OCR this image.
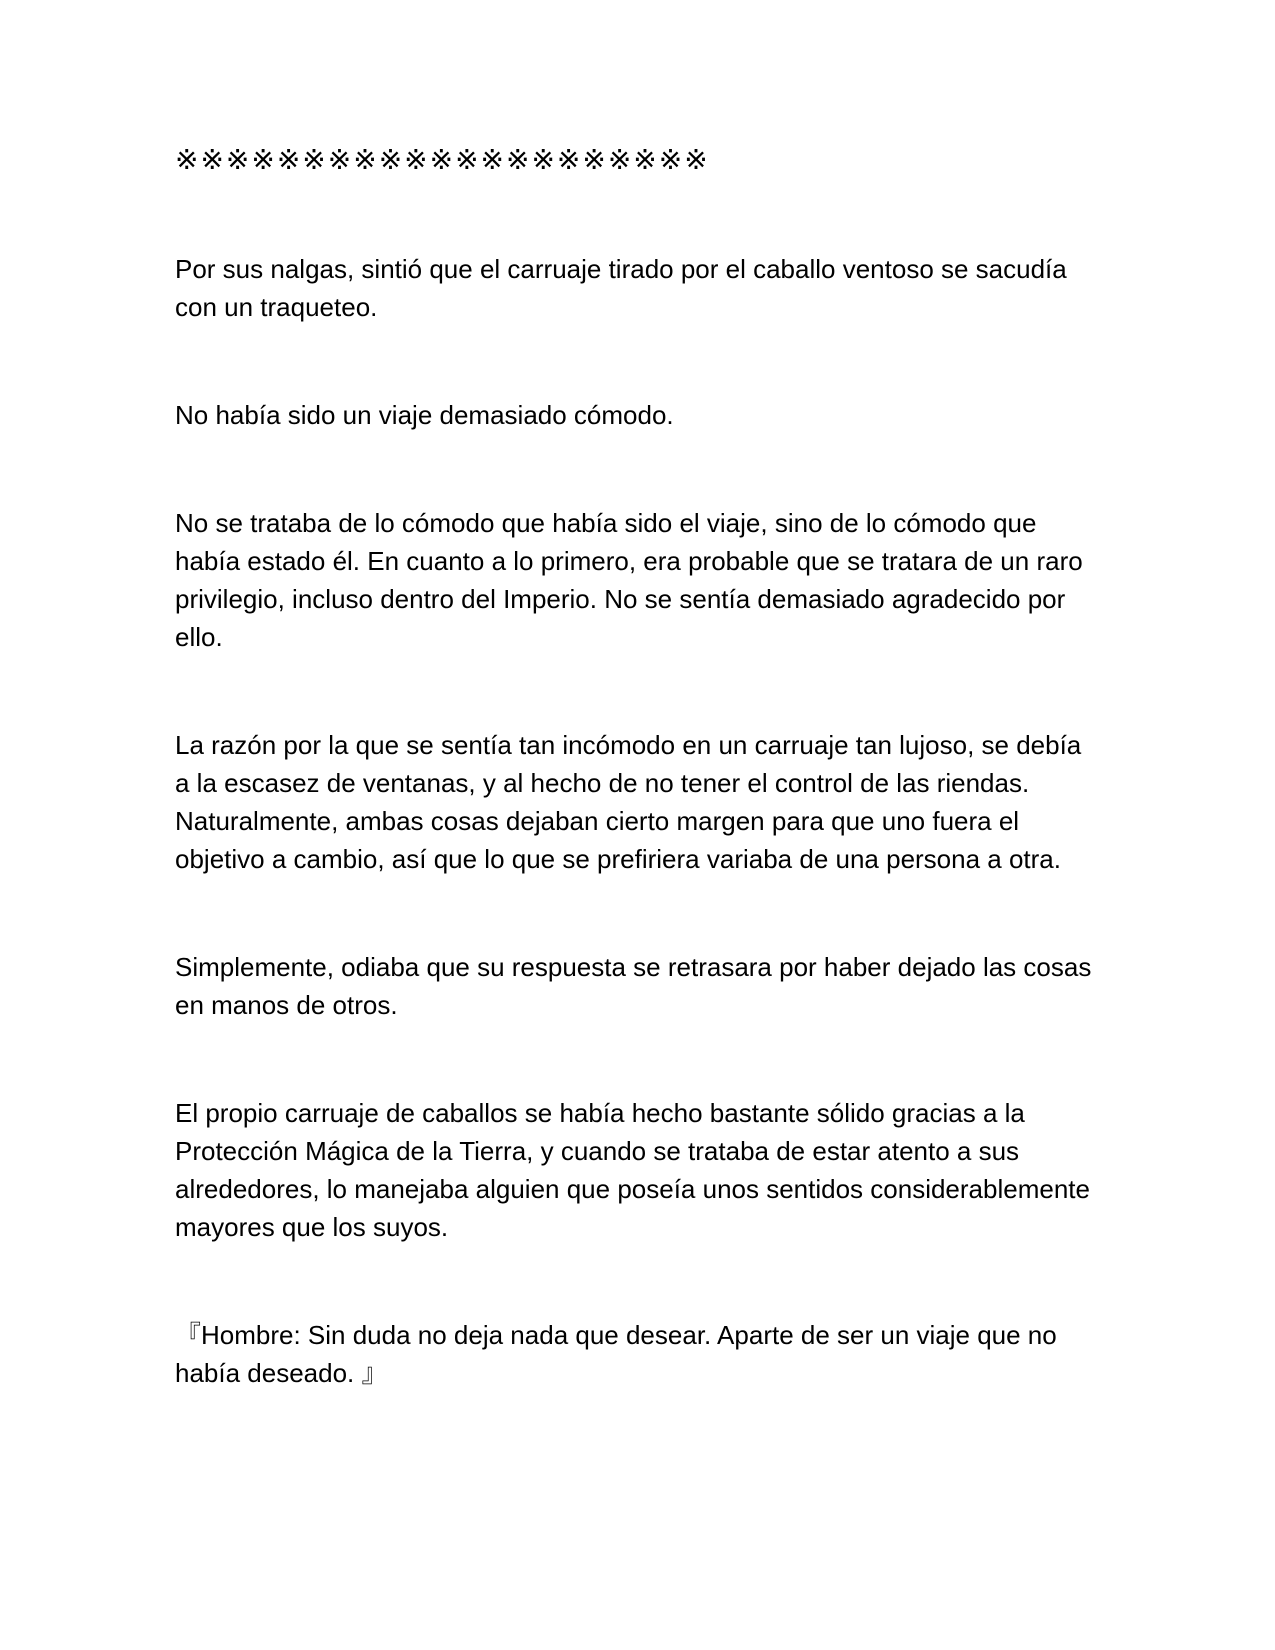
※※※※※※※※※※※※※※※※※※※※※

Por sus nalgas, sintió que el carruaje tirado por el caballo ventoso se sacudía con un traqueteo.

No había sido un viaje demasiado cómodo.

No se trataba de lo cómodo que había sido el viaje, sino de lo cómodo que había estado él. En cuanto a lo primero, era probable que se tratara de un raro privilegio, incluso dentro del Imperio. No se sentía demasiado agradecido por ello.

La razón por la que se sentía tan incómodo en un carruaje tan lujoso, se debía a la escasez de ventanas, y al hecho de no tener el control de las riendas. Naturalmente, ambas cosas dejaban cierto margen para que uno fuera el objetivo a cambio, así que lo que se prefiriera variaba de una persona a otra.

Simplemente, odiaba que su respuesta se retrasara por haber dejado las cosas en manos de otros.

El propio carruaje de caballos se había hecho bastante sólido gracias a la Protección Mágica de la Tierra, y cuando se trataba de estar atento a sus alrededores, lo manejaba alguien que poseía unos sentidos considerablemente mayores que los suyos.

『Hombre: Sin duda no deja nada que desear. Aparte de ser un viaje que no había deseado. 』
